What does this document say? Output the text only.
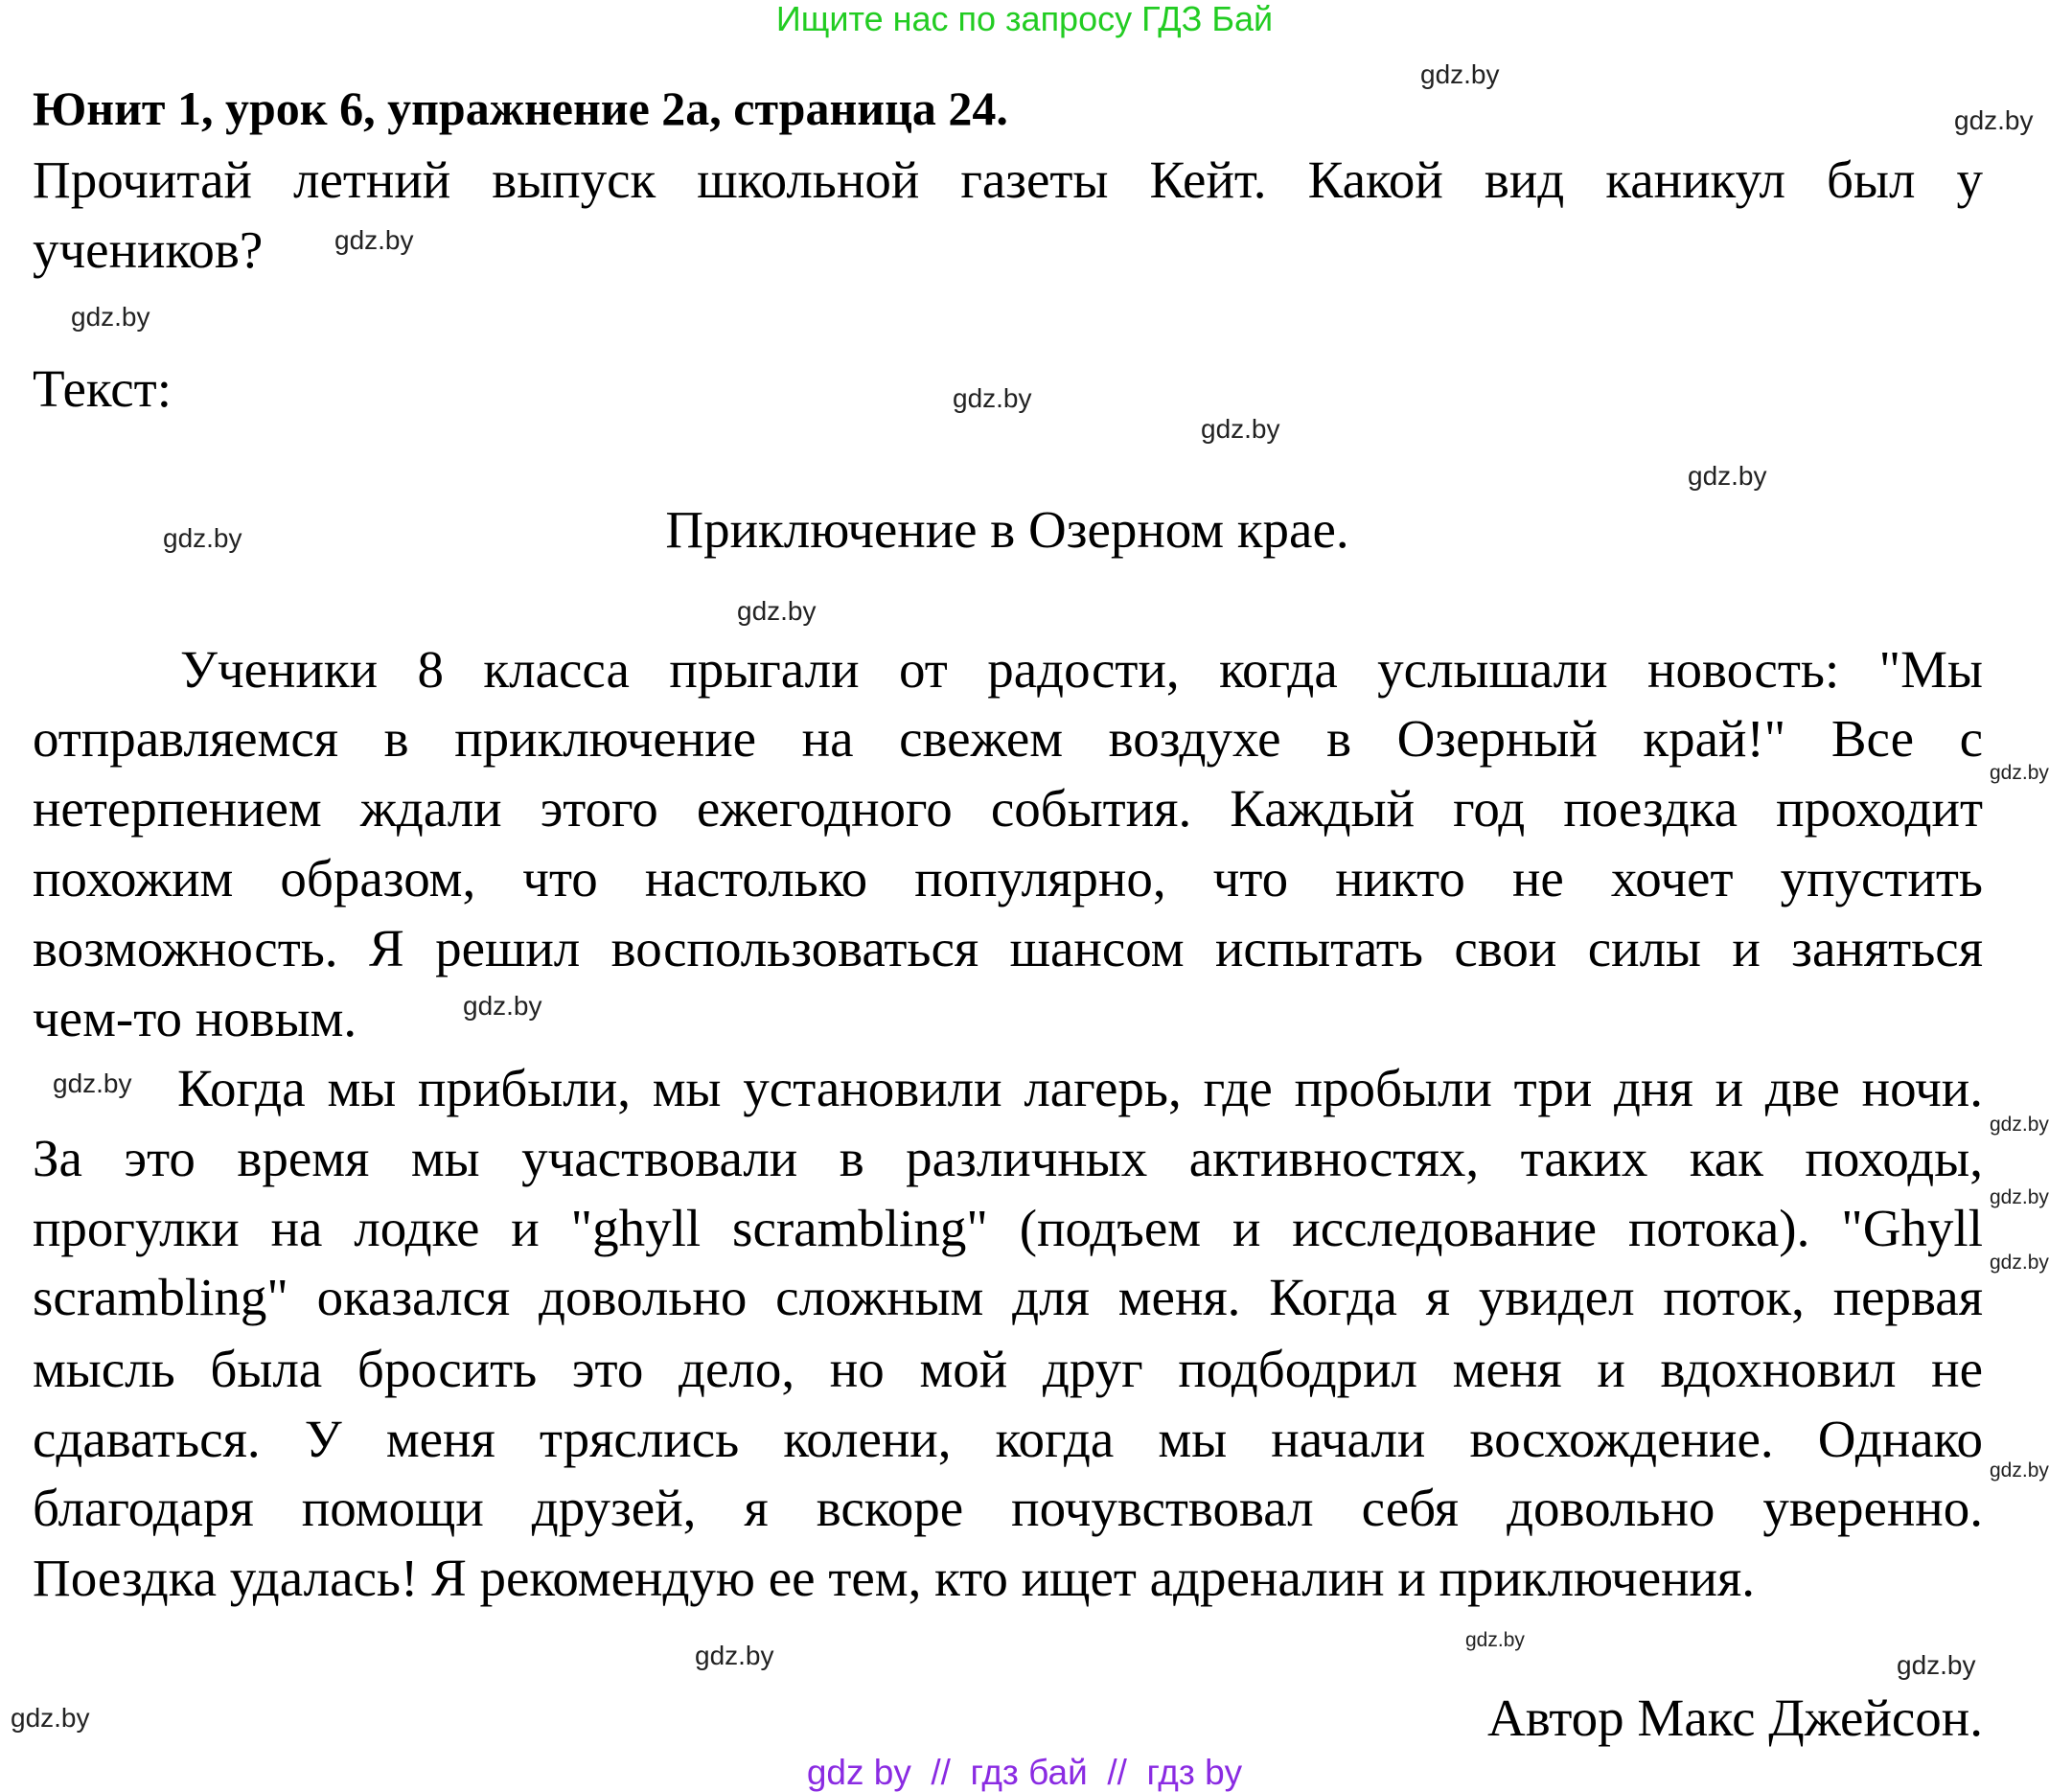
Ищите нас по запросу ГДЗ Бай
Юнит 1, урок 6, упражнение 2а, страница 24.
Прочитай летний выпуск школьной газеты Кейт. Какой вид каникул был у
учеников?
Текст:
Приключение в Озерном крае.
Ученики 8 класса прыгали от радости, когда услышали новость: "Мы
отправляемся в приключение на свежем воздухе в Озерный край!" Все с
нетерпением ждали этого ежегодного события. Каждый год поездка проходит
похожим образом, что настолько популярно, что никто не хочет упустить
возможность. Я решил воспользоваться шансом испытать свои силы и заняться
чем-то новым.
Когда мы прибыли, мы установили лагерь, где пробыли три дня и две ночи.
За это время мы участвовали в различных активностях, таких как походы,
прогулки на лодке и "ghyll scrambling" (подъем и исследование потока). "Ghyll
scrambling" оказался довольно сложным для меня. Когда я увидел поток, первая
мысль была бросить это дело, но мой друг подбодрил меня и вдохновил не
сдаваться. У меня тряслись колени, когда мы начали восхождение. Однако
благодаря помощи друзей, я вскоре почувствовал себя довольно уверенно.
Поездка удалась! Я рекомендую ее тем, кто ищет адреналин и приключения.
Автор Макс Джейсон.
gdz.by
gdz.by
gdz.by
gdz.by
gdz.by
gdz.by
gdz.by
gdz.by
gdz.by
gdz.by
gdz.by
gdz.by
gdz.by
gdz.by
gdz.by
gdz.by
gdz.by
gdz.by
gdz.by
gdz.by
gdz by  //  гдз бай  //  гдз by
